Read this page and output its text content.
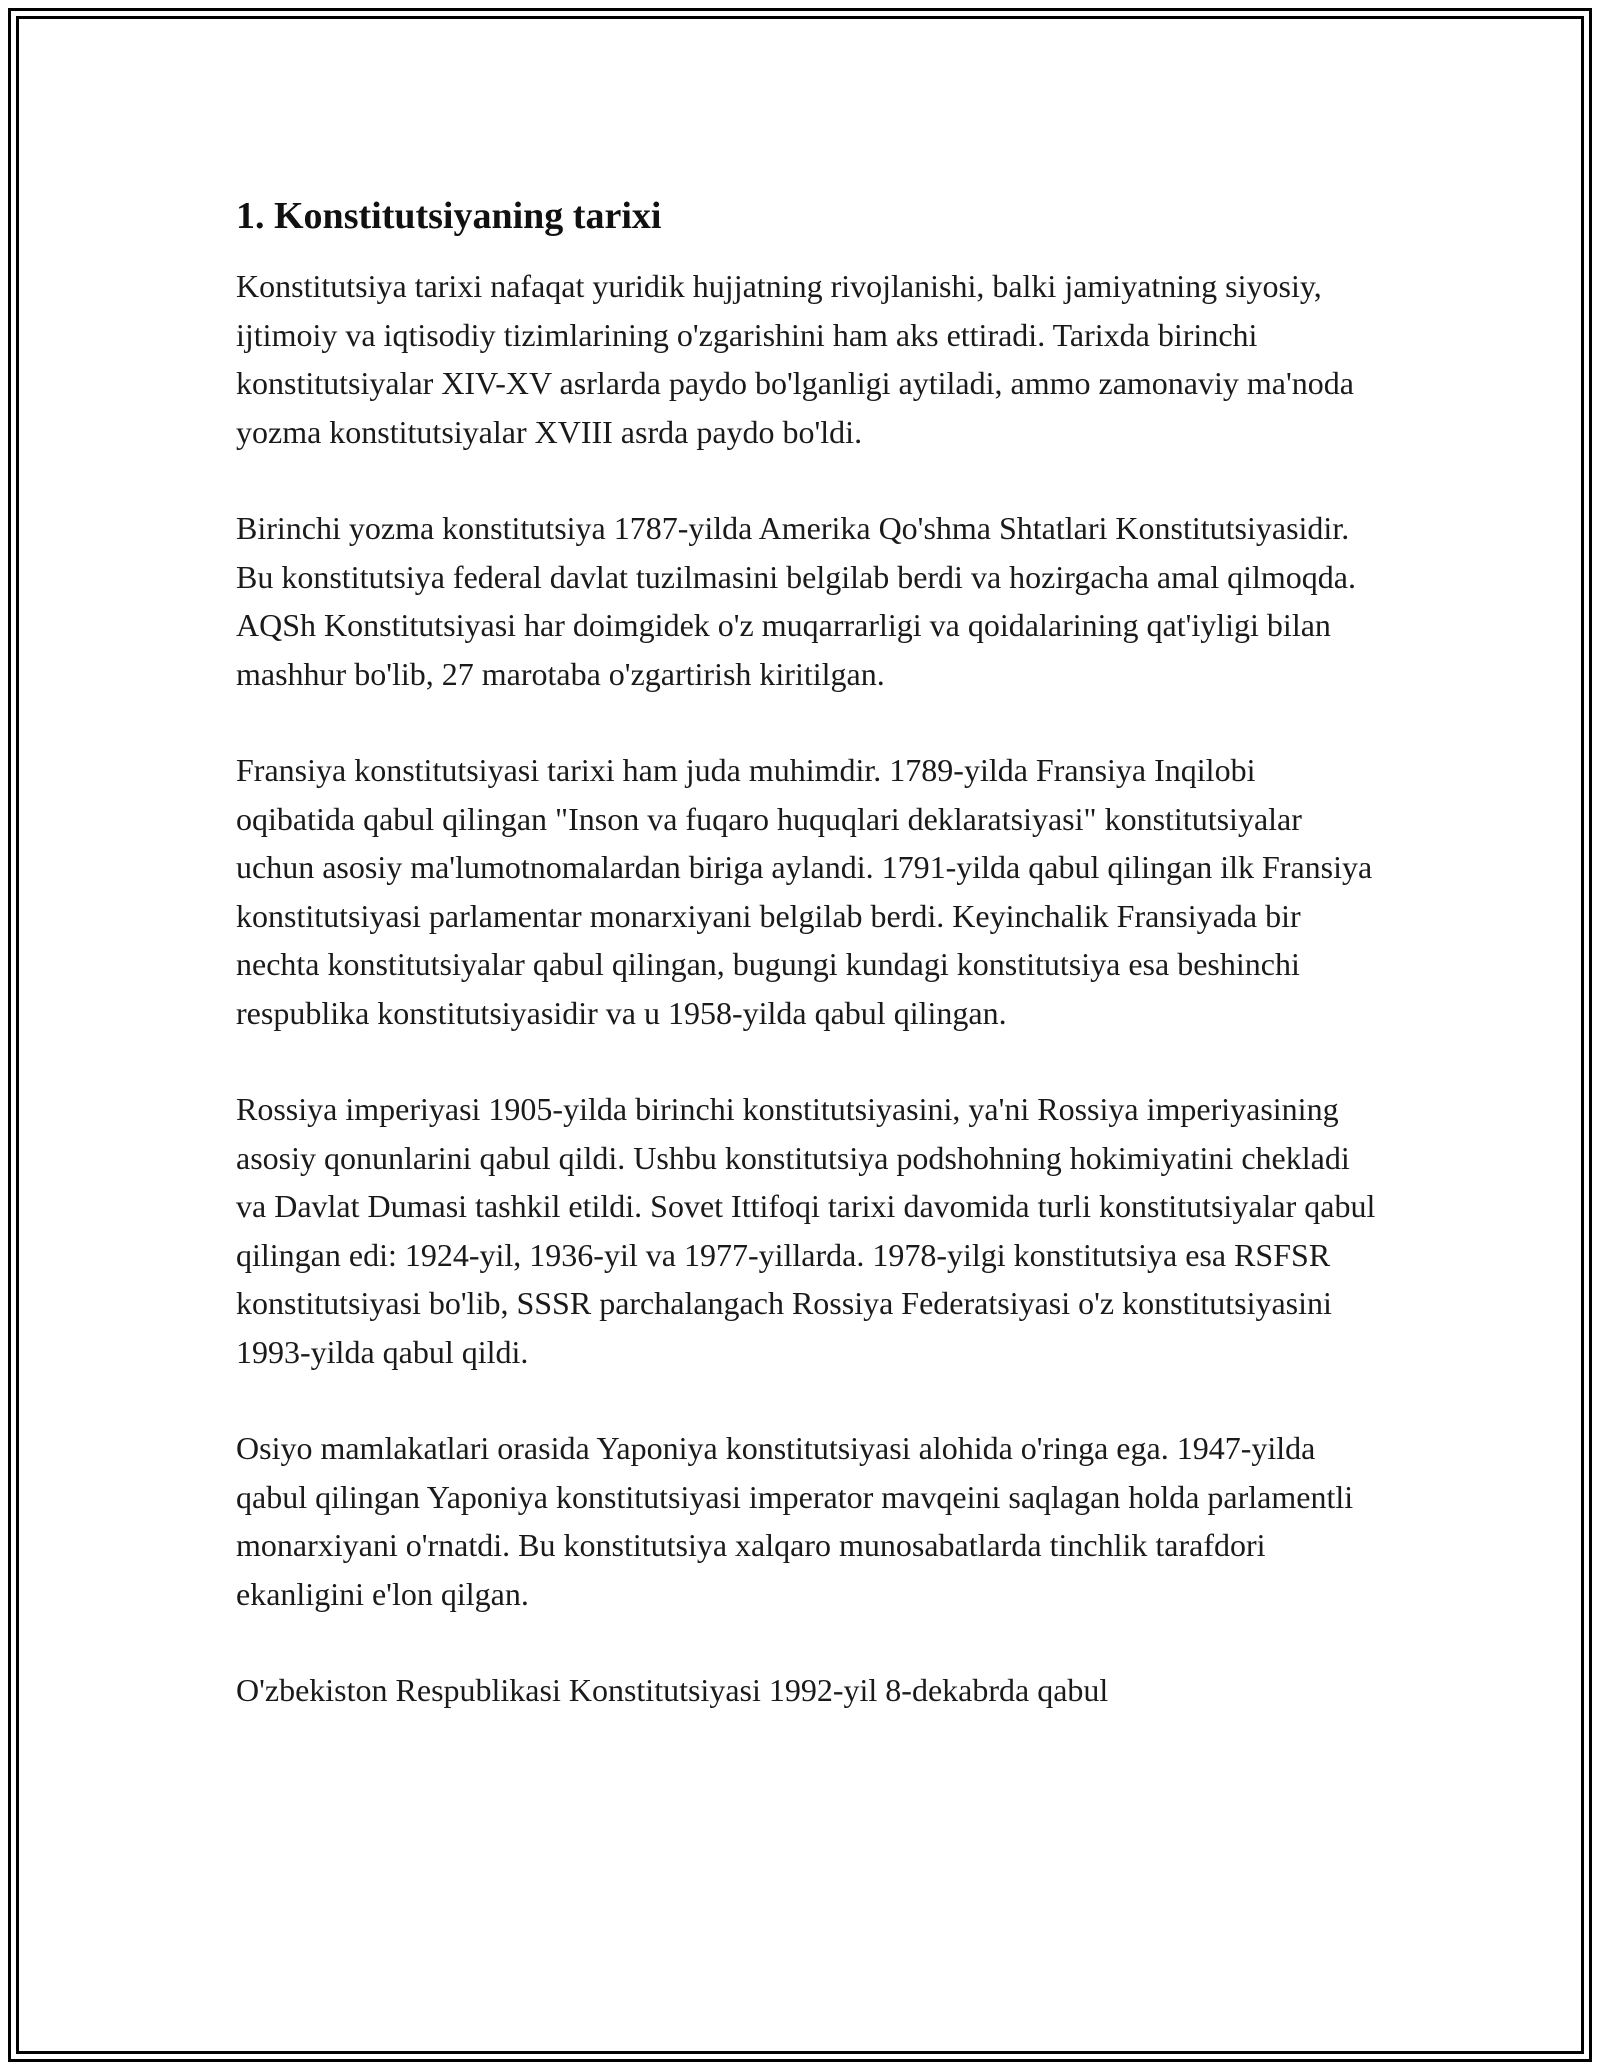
1. Konstitutsiyaning tarixi

Konstitutsiya tarixi nafaqat yuridik hujjatning rivojlanishi, balki jamiyatning siyosiy, ijtimoiy va iqtisodiy tizimlarining o'zgarishini ham aks ettiradi. Tarixda birinchi konstitutsiyalar XIV-XV asrlarda paydo bo'lganligi aytiladi, ammo zamonaviy ma'noda yozma konstitutsiyalar XVIII asrda paydo bo'ldi.

Birinchi yozma konstitutsiya 1787-yilda Amerika Qo'shma Shtatlari Konstitutsiyasidir. Bu konstitutsiya federal davlat tuzilmasini belgilab berdi va hozirgacha amal qilmoqda. AQSh Konstitutsiyasi har doimgidek o'z muqarrarligi va qoidalarining qat'iyligi bilan mashhur bo'lib, 27 marotaba o'zgartirish kiritilgan.

Fransiya konstitutsiyasi tarixi ham juda muhimdir. 1789-yilda Fransiya Inqilobi oqibatida qabul qilingan "Inson va fuqaro huquqlari deklaratsiyasi" konstitutsiyalar uchun asosiy ma'lumotnomalardan biriga aylandi. 1791-yilda qabul qilingan ilk Fransiya konstitutsiyasi parlamentar monarxiyani belgilab berdi. Keyinchalik Fransiyada bir nechta konstitutsiyalar qabul qilingan, bugungi kundagi konstitutsiya esa beshinchi respublika konstitutsiyasidir va u 1958-yilda qabul qilingan.

Rossiya imperiyasi 1905-yilda birinchi konstitutsiyasini, ya'ni Rossiya imperiyasining asosiy qonunlarini qabul qildi. Ushbu konstitutsiya podshohning hokimiyatini chekladi va Davlat Dumasi tashkil etildi. Sovet Ittifoqi tarixi davomida turli konstitutsiyalar qabul qilingan edi: 1924-yil, 1936-yil va 1977-yillarda. 1978-yilgi konstitutsiya esa RSFSR konstitutsiyasi bo'lib, SSSR parchalangach Rossiya Federatsiyasi o'z konstitutsiyasini 1993-yilda qabul qildi.

Osiyo mamlakatlari orasida Yaponiya konstitutsiyasi alohida o'ringa ega. 1947-yilda qabul qilingan Yaponiya konstitutsiyasi imperator mavqeini saqlagan holda parlamentli monarxiyani o'rnatdi. Bu konstitutsiya xalqaro munosabatlarda tinchlik tarafdori ekanligini e'lon qilgan.

O'zbekiston Respublikasi Konstitutsiyasi 1992-yil 8-dekabrda qabul
